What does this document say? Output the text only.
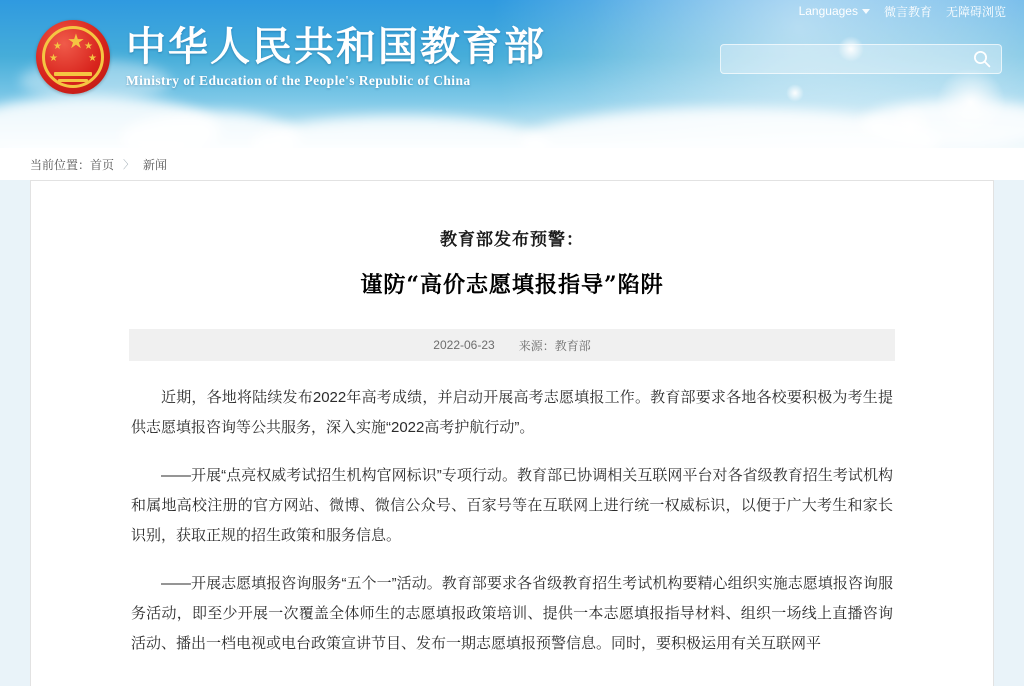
Languages 微言教育 无障碍浏览
★
★
★
★
★ 中华人民共和国教育部
Ministry of Education of the People's Republic of China
当前位置： 首页 〉 新闻
教育部发布预警：
谨防“高价志愿填报指导”陷阱
2022-06-23 来源：教育部

近期，各地将陆续发布2022年高考成绩，并启动开展高考志愿填报工作。教育部要求各地各校要积极为考生提供志愿填报咨询等公共服务，深入实施“2022高考护航行动”。

——开展“点亮权威考试招生机构官网标识”专项行动。教育部已协调相关互联网平台对各省级教育招生考试机构和属地高校注册的官方网站、微博、微信公众号、百家号等在互联网上进行统一权威标识，以便于广大考生和家长识别，获取正规的招生政策和服务信息。

——开展志愿填报咨询服务“五个一”活动。教育部要求各省级教育招生考试机构要精心组织实施志愿填报咨询服务活动，即至少开展一次覆盖全体师生的志愿填报政策培训、提供一本志愿填报指导材料、组织一场线上直播咨询活动、播出一档电视或电台政策宣讲节目、发布一期志愿填报预警信息。同时，要积极运用有关互联网平
